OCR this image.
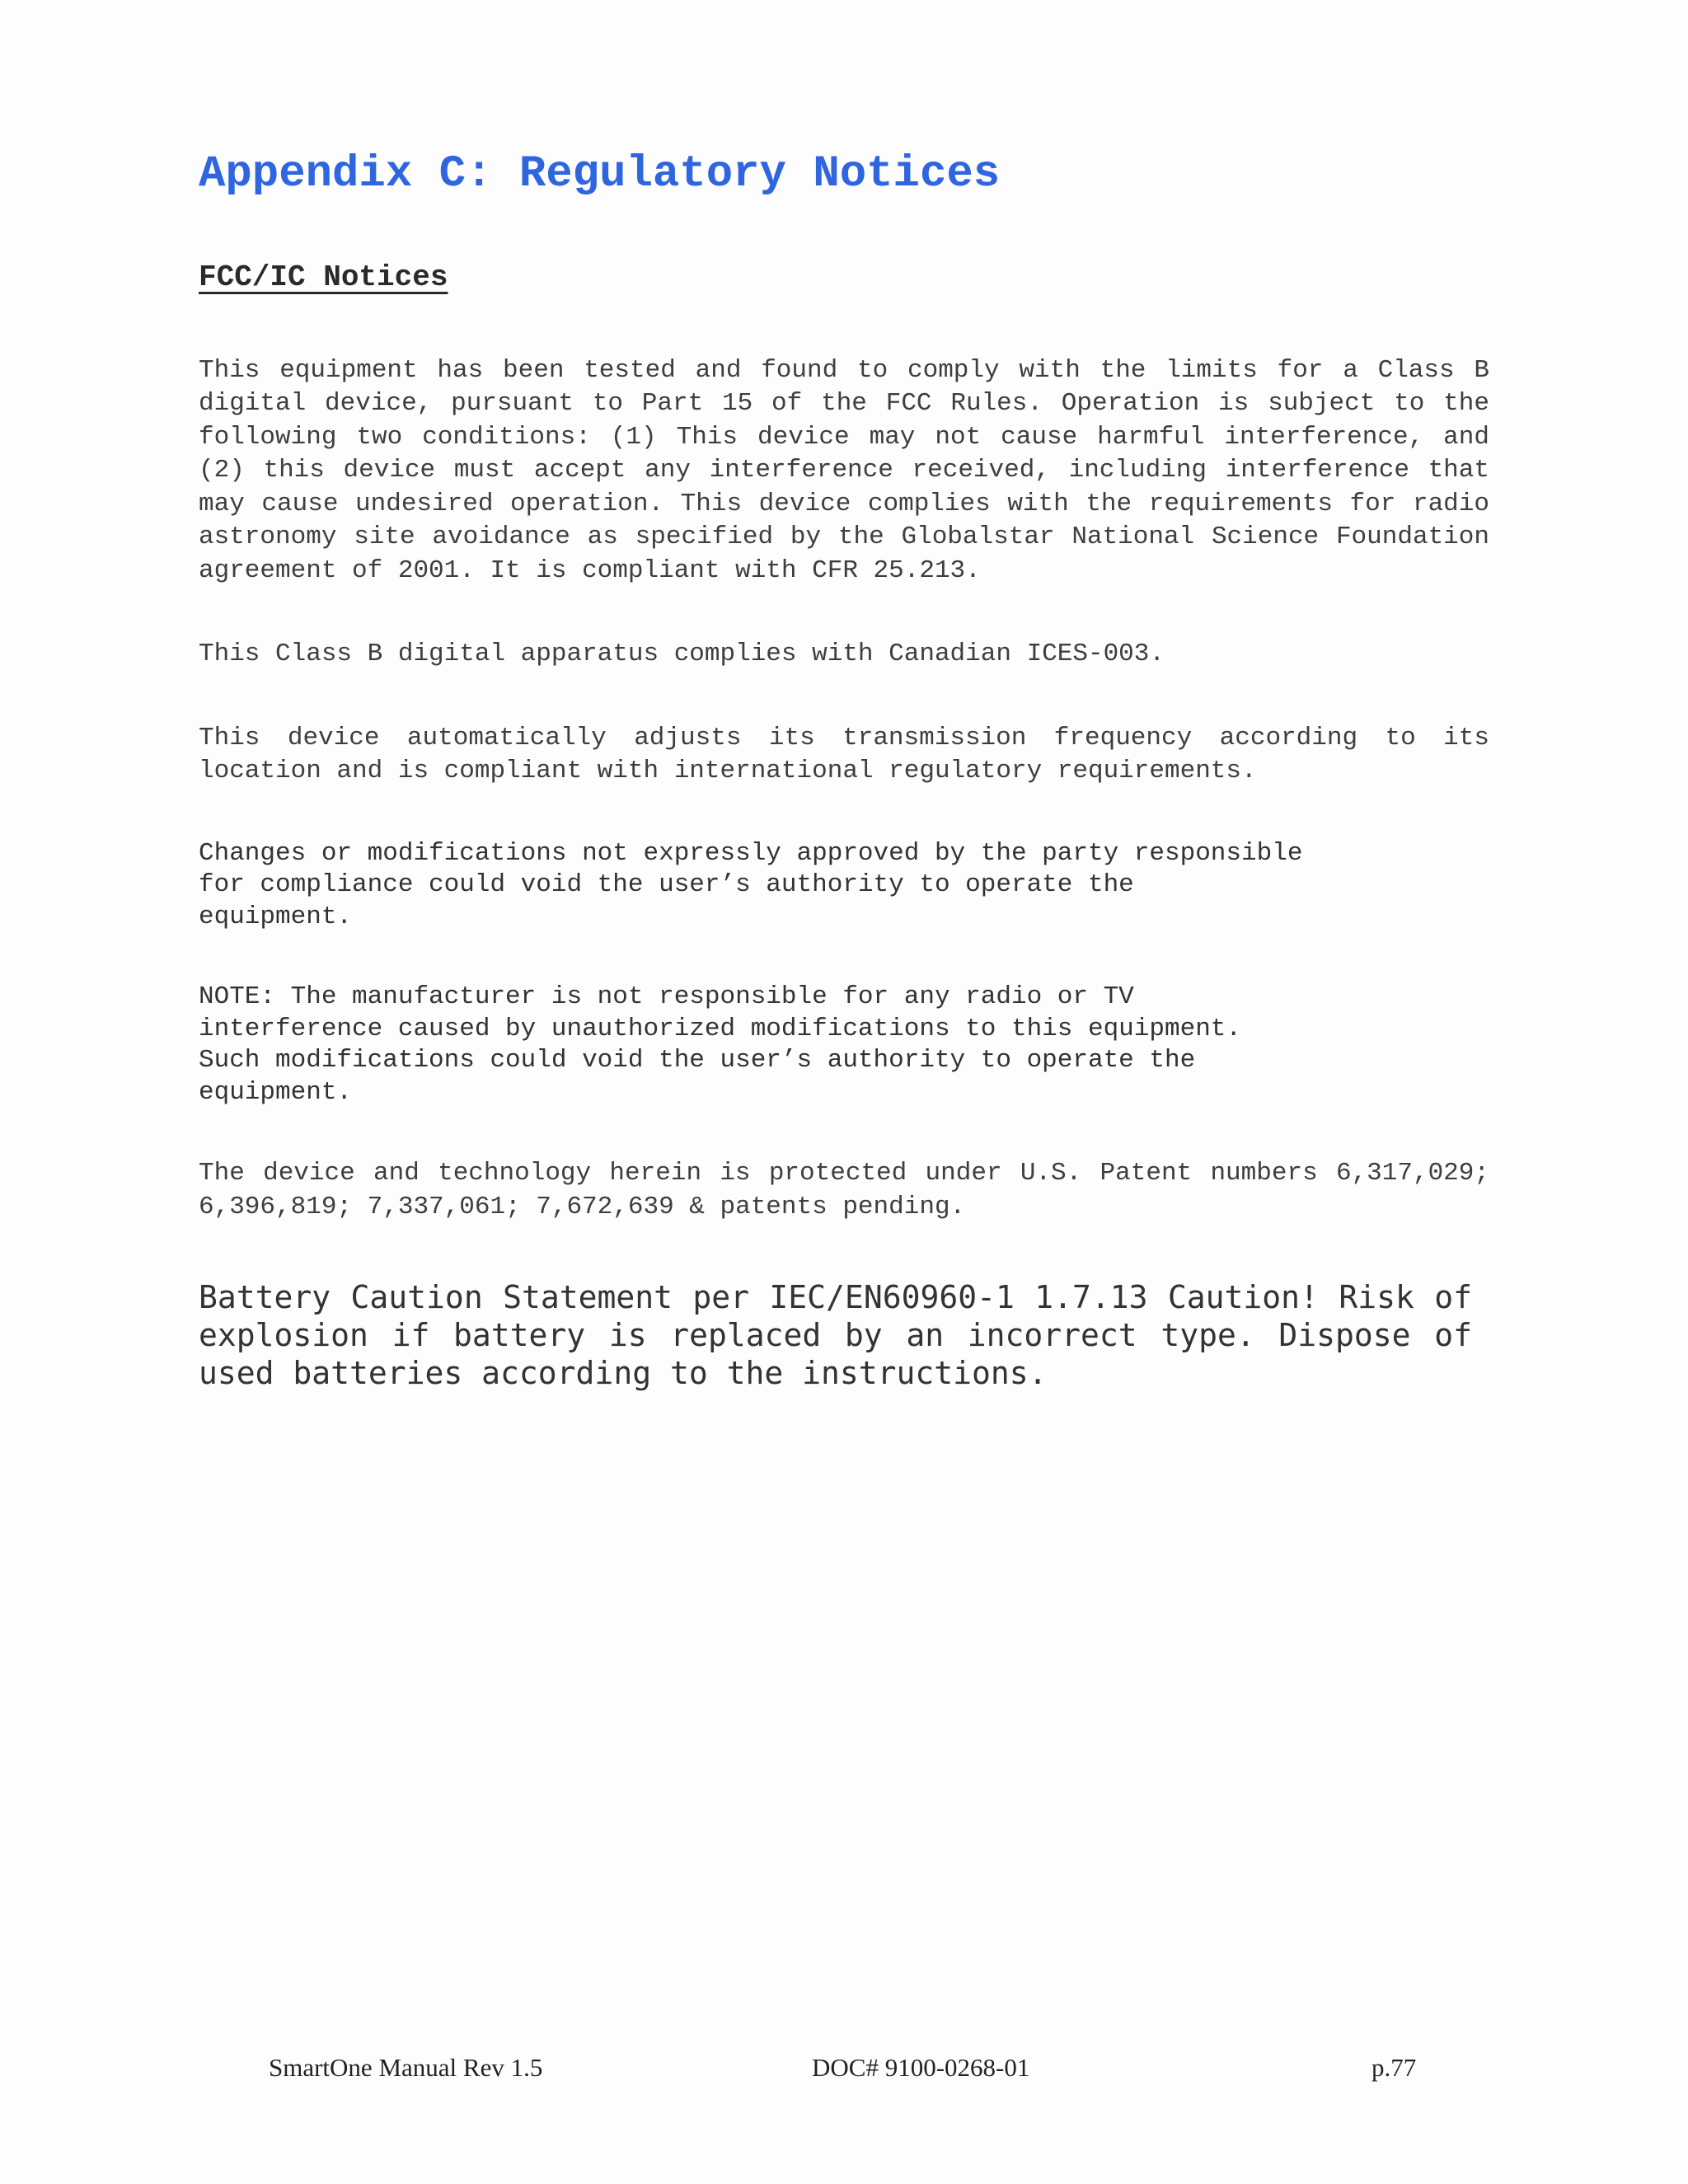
Appendix C: Regulatory Notices
FCC/IC Notices

This equipment has been tested and found to comply with the limits for a Class B digital device, pursuant to Part 15 of the FCC Rules. Operation is subject to the following two conditions: (1) This device may not cause harmful interference, and (2) this device must accept any interference received, including interference that may cause undesired operation. This device complies with the requirements for radio astronomy site avoidance as specified by the Globalstar National Science Foundation agreement of 2001. It is compliant with CFR 25.213.

This Class B digital apparatus complies with Canadian ICES-003.

This device automatically adjusts its transmission frequency according to its location and is compliant with international regulatory requirements.

Changes or modifications not expressly approved by the party responsible
for compliance could void the user’s authority to operate the
equipment.

NOTE: The manufacturer is not responsible for any radio or TV
interference caused by unauthorized modifications to this equipment.
Such modifications could void the user’s authority to operate the
equipment.

The device and technology herein is protected under U.S. Patent numbers 6,317,029; 6,396,819; 7,337,061; 7,672,639 & patents pending.

Battery Caution Statement per IEC/EN60960-1 1.7.13 Caution! Risk of explosion if battery is replaced by an incorrect type. Dispose of used batteries according to the instructions.

SmartOne Manual Rev 1.5	DOC# 9100-0268-01	p.77
